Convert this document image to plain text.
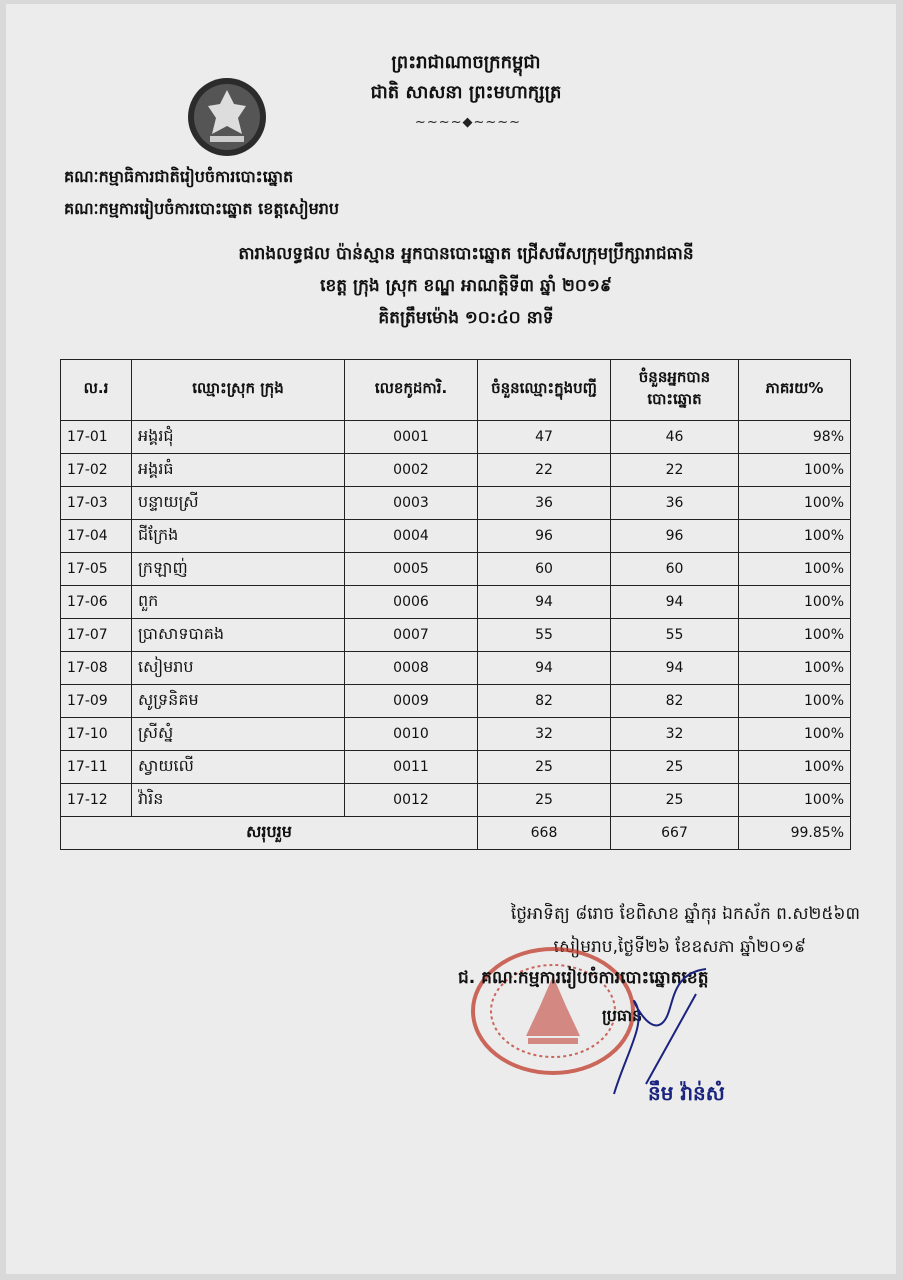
ព្រះរាជាណាចក្រកម្ពុជា
ជាតិ សាសនា ព្រះមហាក្សត្រ
~~~~◆~~~~
គណៈកម្មាធិការជាតិរៀបចំការបោះឆ្នោត
គណៈកម្មការរៀបចំការបោះឆ្នោត ខេត្តសៀមរាប
តារាងលទ្ធផល ប៉ាន់ស្មាន អ្នកបានបោះឆ្នោត ជ្រើសរើសក្រុមប្រឹក្សារាជធានី
ខេត្ត ក្រុង ស្រុក ខណ្ឌ អាណត្តិទី៣ ឆ្នាំ ២០១៩
គិតត្រឹមម៉ោង ១០:៤០ នាទី
ល.រ	ឈ្មោះស្រុក ក្រុង	លេខកូដការិ.	ចំនួនឈ្មោះក្នុងបញ្ជី	ចំនួនអ្នកបានបោះឆ្នោត	ភាគរយ%
17-01	អង្គរជុំ	0001	47	46	98%
17-02	អង្គរធំ	0002	22	22	100%
17-03	បន្ទាយស្រី	0003	36	36	100%
17-04	ជីក្រែង	0004	96	96	100%
17-05	ក្រឡាញ់	0005	60	60	100%
17-06	ពួក	0006	94	94	100%
17-07	ប្រាសាទបាគង	0007	55	55	100%
17-08	សៀមរាប	0008	94	94	100%
17-09	សូទ្រនិគម	0009	82	82	100%
17-10	ស្រីស្នំ	0010	32	32	100%
17-11	ស្វាយលើ	0011	25	25	100%
17-12	វ៉ារិន	0012	25	25	100%
សរុបរួម			668	667	99.85%
ថ្ងៃអាទិត្យ ៨រោច ខែពិសាខ ឆ្នាំកុរ ឯកស័ក ព.ស២៥៦៣
សៀមរាប,ថ្ងៃទី២៦ ខែឧសភា ឆ្នាំ២០១៩
ជ. គណៈកម្មការរៀបចំការបោះឆ្នោតខេត្ត
ប្រធាន
នឹម វ៉ាន់សំ
